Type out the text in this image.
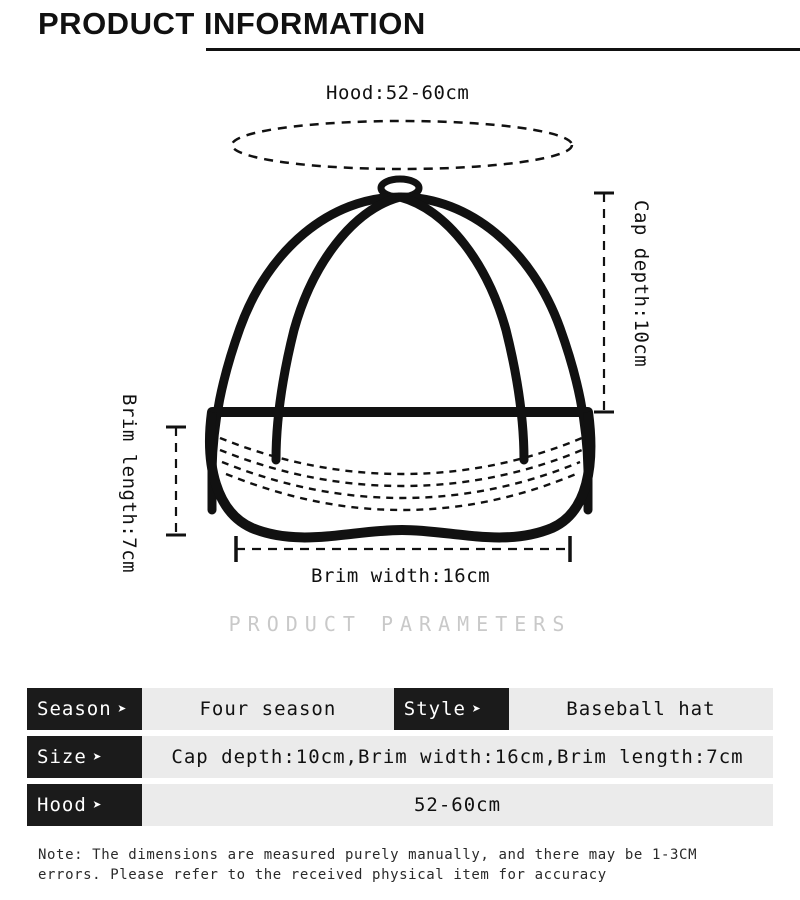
PRODUCT INFORMATION
Hood:52-60cm
Cap depth:10cm
Brim length:7cm
Brim width:16cm
PRODUCT PARAMETERS
Season ➤	Four season	Style ➤	Baseball hat
Size ➤	Cap depth:10cm,Brim width:16cm,Brim length:7cm
Hood ➤	52-60cm
Note: The dimensions are measured purely manually, and there may be 1-3CM
errors. Please refer to the received physical item for accuracy
